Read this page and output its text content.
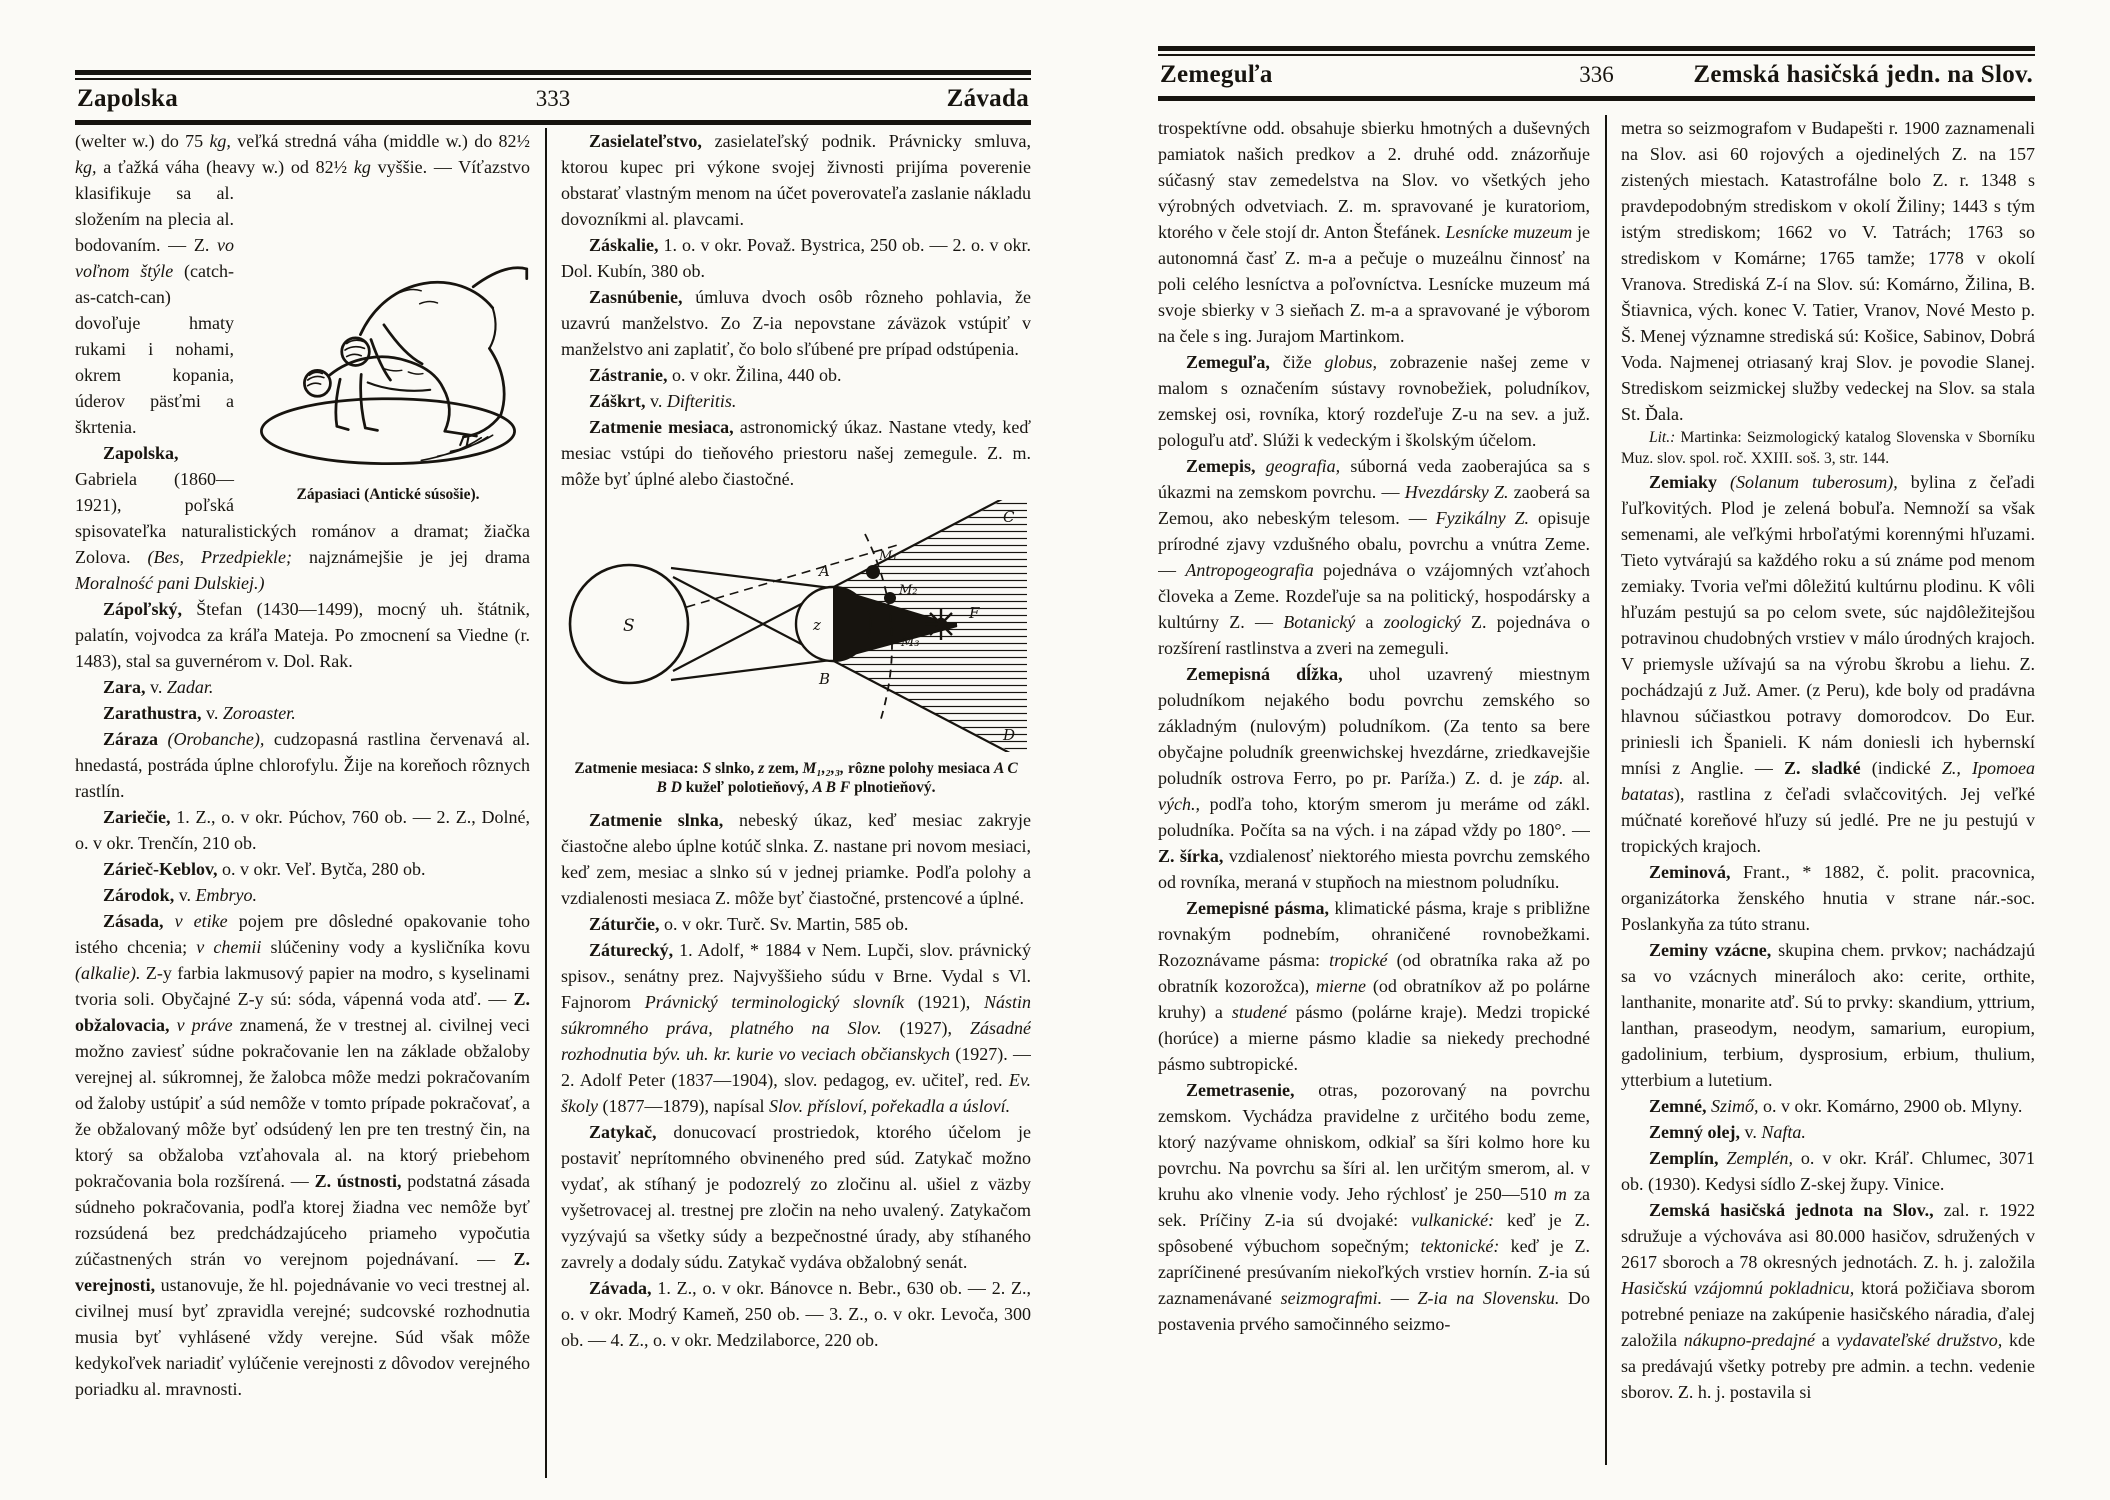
Zapolska	333	Závada

(welter w.) do 75 kg, veľká stredná váha (middle w.) do 82½ kg, a ťažká váha (heavy w.) od 82½ kg vyššie. — Víťazstvo
Zápasiaci (Antické súsošie).
klasifikuje sa al. složením na plecia al. bodovaním. — Z. vo voľnom štýle (catch-as-catch-can) dovoľuje hmaty rukami i nohami, okrem kopania, úderov päsťmi a škrtenia.

Zapolska, Gabriela (1860—1921), poľská spisovateľka naturalistických románov a dramat; žiačka Zolova. (Bes, Przedpiekle; najznámejšie je jej drama Moralność pani Dulskiej.)

Zápoľský, Štefan (1430—1499), mocný uh. štátnik, palatín, vojvodca za kráľa Mateja. Po zmocnení sa Viedne (r. 1483), stal sa guvernérom v. Dol. Rak.

Zara, v. Zadar.

Zarathustra, v. Zoroaster.

Záraza (Orobanche), cudzopasná rastlina červenavá al. hnedastá, postráda úplne chlorofylu. Žije na koreňoch rôznych rastlín.

Zariečie, 1. Z., o. v okr. Púchov, 760 ob. — 2. Z., Dolné, o. v okr. Trenčín, 210 ob.

Zárieč-Keblov, o. v okr. Veľ. Bytča, 280 ob.

Zárodok, v. Embryo.

Zásada, v etike pojem pre dôsledné opakovanie toho istého chcenia; v chemii slúčeniny vody a kysličníka kovu (alkalie). Z-y farbia lakmusový papier na modro, s kyselinami tvoria soli. Obyčajné Z-y sú: sóda, vápenná voda atď. — Z. obžalovacia, v práve znamená, že v trestnej al. civilnej veci možno zaviesť súdne pokračovanie len na základe obžaloby verejnej al. súkromnej, že žalobca môže medzi pokračovaním od žaloby ustúpiť a súd nemôže v tomto prípade pokračovať, a že obžalovaný môže byť odsúdený len pre ten trestný čin, na ktorý sa obžaloba vzťahovala al. na ktorý priebehom pokračovania bola rozšírená. — Z. ústnosti, podstatná zásada súdneho pokračovania, podľa ktorej žiadna vec nemôže byť rozsúdená bez predchádzajúceho priameho vypočutia zúčastnených strán vo verejnom pojednávaní. — Z. verejnosti, ustanovuje, že hl. pojednávanie vo veci trestnej al. civilnej musí byť zpravidla verejné; sudcovské rozhodnutia musia byť vyhlásené vždy verejne. Súd však môže kedykoľvek nariadiť vylúčenie verejnosti z dôvodov verejného poriadku al. mravnosti.

Zasielateľstvo, zasielateľský podnik. Právnicky smluva, ktorou kupec pri výkone svojej živnosti prijíma poverenie obstarať vlastným menom na účet poverovateľa zaslanie nákladu dovozníkmi al. plavcami.

Záskalie, 1. o. v okr. Považ. Bystrica, 250 ob. — 2. o. v okr. Dol. Kubín, 380 ob.

Zasnúbenie, úmluva dvoch osôb rôzneho pohlavia, že uzavrú manželstvo. Zo Z-ia nepovstane záväzok vstúpiť v manželstvo ani zaplatiť, čo bolo sľúbené pre prípad odstúpenia.

Zástranie, o. v okr. Žilina, 440 ob.

Záškrt, v. Difteritis.

Zatmenie mesiaca, astronomický úkaz. Nastane vtedy, keď mesiac vstúpi do tieňového priestoru našej zemegule. Z. m. môže byť úplné alebo čiastočné.

S	z
A
B
C
D
F
M₁
M₂
M₃
Zatmenie mesiaca: S slnko, z zem, M₁,₂,₃, rôzne polohy mesiaca A C B D kužeľ polotieňový, A B F plnotieňový.

Zatmenie slnka, nebeský úkaz, keď mesiac zakryje čiastočne alebo úplne kotúč slnka. Z. nastane pri novom mesiaci, keď zem, mesiac a slnko sú v jednej priamke. Podľa polohy a vzdialenosti mesiaca Z. môže byť čiastočné, prstencové a úplné.

Záturčie, o. v okr. Turč. Sv. Martin, 585 ob.

Záturecký, 1. Adolf, * 1884 v Nem. Lupči, slov. právnický spisov., senátny prez. Najvyššieho súdu v Brne. Vydal s Vl. Fajnorom Právnický terminologický slovník (1921), Nástin súkromného práva, platného na Slov. (1927), Zásadné rozhodnutia býv. uh. kr. kurie vo veciach občianskych (1927). — 2. Adolf Peter (1837—1904), slov. pedagog, ev. učiteľ, red. Ev. školy (1877—1879), napísal Slov. přísloví, pořekadla a úsloví.

Zatykač, donucovací prostriedok, ktorého účelom je postaviť neprítomného obvineného pred súd. Zatykač možno vydať, ak stíhaný je podozrelý zo zločinu al. ušiel z väzby vyšetrovacej al. trestnej pre zločin na neho uvalený. Zatykačom vyzývajú sa všetky súdy a bezpečnostné úrady, aby stíhaného zavrely a dodaly súdu. Zatykač vydáva obžalobný senát.

Závada, 1. Z., o. v okr. Bánovce n. Bebr., 630 ob. — 2. Z., o. v okr. Modrý Kameň, 250 ob. — 3. Z., o. v okr. Levoča, 300 ob. — 4. Z., o. v okr. Medzilaborce, 220 ob.

Zemeguľa	336	Zemská hasičská jedn. na Slov.

trospektívne odd. obsahuje sbierku hmotných a duševných pamiatok našich predkov a 2. druhé odd. znázorňuje súčasný stav zemedelstva na Slov. vo všetkých jeho výrobných odvetviach. Z. m. spravované je kuratoriom, ktorého v čele stojí dr. Anton Štefánek. Lesnícke muzeum je autonomná časť Z. m-a a pečuje o muzeálnu činnosť na poli celého lesníctva a poľovníctva. Lesnícke muzeum má svoje sbierky v 3 sieňach Z. m-a a spravované je výborom na čele s ing. Jurajom Martinkom.

Zemeguľa, čiže globus, zobrazenie našej zeme v malom s označením sústavy rovnobežiek, poludníkov, zemskej osi, rovníka, ktorý rozdeľuje Z-u na sev. a juž. pologuľu atď. Slúži k vedeckým i školským účelom.

Zemepis, geografia, súborná veda zaoberajúca sa s úkazmi na zemskom povrchu. — Hvezdársky Z. zaoberá sa Zemou, ako nebeským telesom. — Fyzikálny Z. opisuje prírodné zjavy vzdušného obalu, povrchu a vnútra Zeme. — Antropogeografia pojednáva o vzájomných vzťahoch človeka a Zeme. Rozdeľuje sa na politický, hospodársky a kultúrny Z. — Botanický a zoologický Z. pojednáva o rozšírení rastlinstva a zveri na zemeguli.

Zemepisná dĺžka, uhol uzavrený miestnym poludníkom nejakého bodu povrchu zemského so základným (nulovým) poludníkom. (Za tento sa bere obyčajne poludník greenwichskej hvezdárne, zriedkavejšie poludník ostrova Ferro, po pr. Paríža.) Z. d. je záp. al. vých., podľa toho, ktorým smerom ju meráme od zákl. poludníka. Počíta sa na vých. i na západ vždy po 180°. — Z. šírka, vzdialenosť niektorého miesta povrchu zemského od rovníka, meraná v stupňoch na miestnom poludníku.

Zemepisné pásma, klimatické pásma, kraje s približne rovnakým podnebím, ohraničené rovnobežkami. Rozoznávame pásma: tropické (od obratníka raka až po obratník kozorožca), mierne (od obratníkov až po polárne kruhy) a studené pásmo (polárne kraje). Medzi tropické (horúce) a mierne pásmo kladie sa niekedy prechodné pásmo subtropické.

Zemetrasenie, otras, pozorovaný na povrchu zemskom. Vychádza pravidelne z určitého bodu zeme, ktorý nazývame ohniskom, odkiaľ sa šíri kolmo hore ku povrchu. Na povrchu sa šíri al. len určitým smerom, al. v kruhu ako vlnenie vody. Jeho rýchlosť je 250—510 m za sek. Príčiny Z-ia sú dvojaké: vulkanické: keď je Z. spôsobené výbuchom sopečným; tektonické: keď je Z. zapríčinené presúvaním niekoľkých vrstiev hornín. Z-ia sú zaznamenávané seizmografmi. — Z-ia na Slovensku. Do postavenia prvého samočinného seizmo-

metra so seizmografom v Budapešti r. 1900 zaznamenali na Slov. asi 60 rojových a ojedinelých Z. na 157 zistených miestach. Katastrofálne bolo Z. r. 1348 s pravdepodobným strediskom v okolí Žiliny; 1443 s tým istým strediskom; 1662 vo V. Tatrách; 1763 so strediskom v Komárne; 1765 tamže; 1778 v okolí Vranova. Strediská Z-í na Slov. sú: Komárno, Žilina, B. Štiavnica, vých. konec V. Tatier, Vranov, Nové Mesto p. Š. Menej významne strediská sú: Košice, Sabinov, Dobrá Voda. Najmenej otriasaný kraj Slov. je povodie Slanej. Strediskom seizmickej služby vedeckej na Slov. sa stala St. Ďala.

Lit.: Martinka: Seizmologický katalog Slovenska v Sborníku Muz. slov. spol. roč. XXIII. soš. 3, str. 144.

Zemiaky (Solanum tuberosum), bylina z čeľadi ľuľkovitých. Plod je zelená bobuľa. Nemnoží sa však semenami, ale veľkými hrboľatými korennými hľuzami. Tieto vytvárajú sa každého roku a sú známe pod menom zemiaky. Tvoria veľmi dôležitú kultúrnu plodinu. K vôli hľuzám pestujú sa po celom svete, súc najdôležitejšou potravinou chudobných vrstiev v málo úrodných krajoch. V priemysle užívajú sa na výrobu škrobu a liehu. Z. pochádzajú z Juž. Amer. (z Peru), kde boly od pradávna hlavnou súčiastkou potravy domorodcov. Do Eur. priniesli ich Španieli. K nám doniesli ich hybernskí mnísi z Anglie. — Z. sladké (indické Z., Ipomoea batatas), rastlina z čeľadi svlačcovitých. Jej veľké múčnaté koreňové hľuzy sú jedlé. Pre ne ju pestujú v tropických krajoch.

Zeminová, Frant., * 1882, č. polit. pracovnica, organizátorka ženského hnutia v strane nár.-soc. Poslankyňa za túto stranu.

Zeminy vzácne, skupina chem. prvkov; nachádzajú sa vo vzácnych mineráloch ako: cerite, orthite, lanthanite, monarite atď. Sú to prvky: skandium, yttrium, lanthan, praseodym, neodym, samarium, europium, gadolinium, terbium, dysprosium, erbium, thulium, ytterbium a lutetium.

Zemné, Szimő, o. v okr. Komárno, 2900 ob. Mlyny.

Zemný olej, v. Nafta.

Zemplín, Zemplén, o. v okr. Kráľ. Chlumec, 3071 ob. (1930). Kedysi sídlo Z-skej župy. Vinice.

Zemská hasičská jednota na Slov., zal. r. 1922 sdružuje a výchováva asi 80.000 hasičov, sdružených v 2617 sboroch a 78 okresných jednotách. Z. h. j. založila Hasičskú vzájomnú pokladnicu, ktorá požičiava sborom potrebné peniaze na zakúpenie hasičského náradia, ďalej založila nákupno-predajné a vydavateľské družstvo, kde sa predávajú všetky potreby pre admin. a techn. vedenie sborov. Z. h. j. postavila si
